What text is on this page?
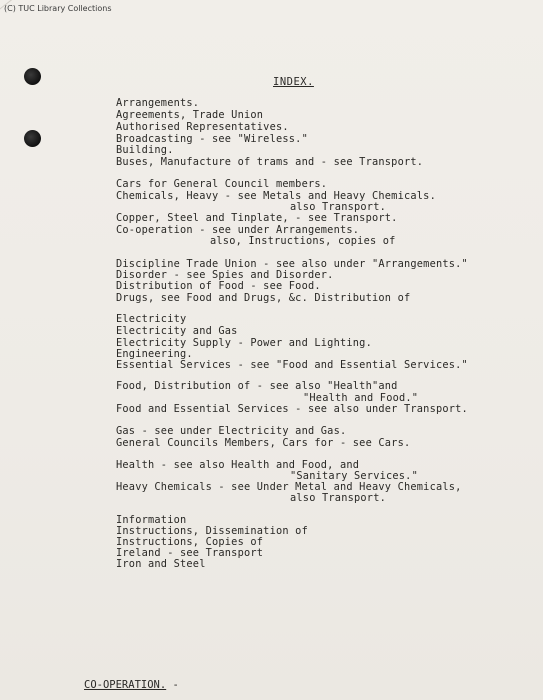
(C) TUC Library Collections
INDEX.
Arrangements.
Agreements, Trade Union
Authorised Representatives.
Broadcasting - see "Wireless."
Building.
Buses, Manufacture of trams and - see Transport.
Cars for General Council members.
Chemicals, Heavy - see Metals and Heavy Chemicals.
also Transport.
Copper, Steel and Tinplate, - see Transport.
Co-operation - see under Arrangements.
also, Instructions, copies of
Discipline Trade Union - see also under "Arrangements."
Disorder - see Spies and Disorder.
Distribution of Food - see Food.
Drugs, see Food and Drugs, &c. Distribution of
Electricity
Electricity and Gas
Electricity Supply - Power and Lighting.
Engineering.
Essential Services - see "Food and Essential Services."
Food, Distribution of - see also "Health"and
"Health and Food."
Food and Essential Services - see also under Transport.
Gas - see under Electricity and Gas.
General Councils Members, Cars for - see Cars.
Health - see also Health and Food, and
"Sanitary Services."
Heavy Chemicals - see Under Metal and Heavy Chemicals,
also Transport.
Information
Instructions, Dissemination of
Instructions, Copies of
Ireland - see Transport
Iron and Steel
CO-OPERATION. -
